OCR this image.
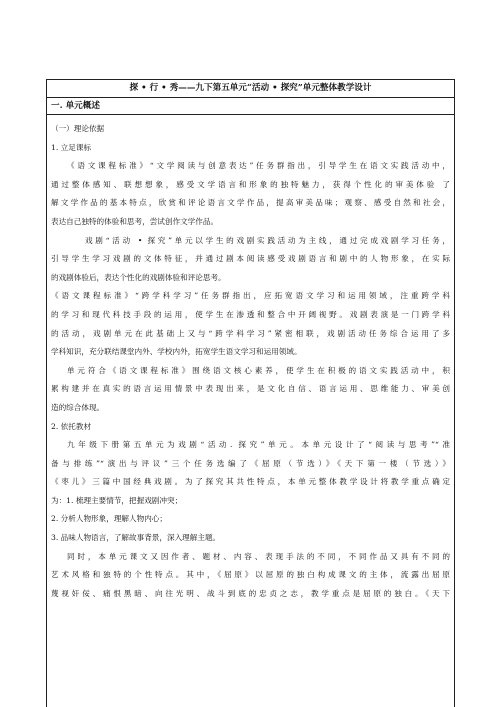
探 • 行 • 秀——九下第五单元“活动 • 探究”单元整体教学设计
一. 单元概述
（一）理论依据
1. 立足课标
《语文课程标准》“文学阅读与创意表达”任务群指出，引导学生在语文实践活动中，
通过整体感知、联想想象，感受文学语言和形象的独特魅力，获得个性化的审美体验 了
解文学作品的基本特点，欣赏和评论语言文学作品，提高审美品味；观察、感受自然和社会，
表达自己独特的体验和思考，尝试创作文学作品。
戏剧“活动 • 探究”单元以学生的戏剧实践活动为主线，通过完成戏剧学习任务，
引导学生学习戏剧的文体特征，并通过剧本阅读感受戏剧语言和剧中的人物形象，在实际
的戏剧体验后，表达个性化的戏剧体验和评论思考。
《语文课程标准》“跨学科学习”任务群指出，应拓宽语文学习和运用领域，注重跨学科
的学习和现代科技手段的运用，使学生在渗透和整合中开阔视野。戏剧表演是一门跨学科
的活动，戏剧单元在此基础上又与“跨学科学习”紧密相联，戏剧活动任务综合运用了多
学科知识，充分联结课堂内外、学校内外，拓宽学生语文学习和运用领域。
单元符合《语文课程标准》围绕语文核心素养，使学生在积极的语文实践活动中，积
累构建并在真实的语言运用情景中表现出来，是文化自信、语言运用、思维能力、审美创
造的综合体现。
2. 依托教材
九年级下册第五单元为戏剧“活动. 探究”单元。本单元设计了“阅读与思考”“准
备与排练”“演出与评议”三个任务选编了《屈原（节选）》《天下第一楼（节选）》
《枣儿》三篇中国经典戏剧。为了探究其共性特点，本单元整体教学设计将教学重点确定
为：1. 梳理主要情节，把握戏剧冲突；
2. 分析人物形象，理解人物内心；
3. 品味人物语言，了解故事背景，深入理解主题。
同时，本单元课文又因作者、题材、内容、表现手法的不同，不同作品又具有不同的
艺术风格和独特的个性特点。其中，《屈原》以屈原的独白构成课文的主体，流露出屈原
蔑视奸佞、痛恨黑暗、向往光明、战斗到底的忠贞之志，教学重点是屈原的独白。《天下
